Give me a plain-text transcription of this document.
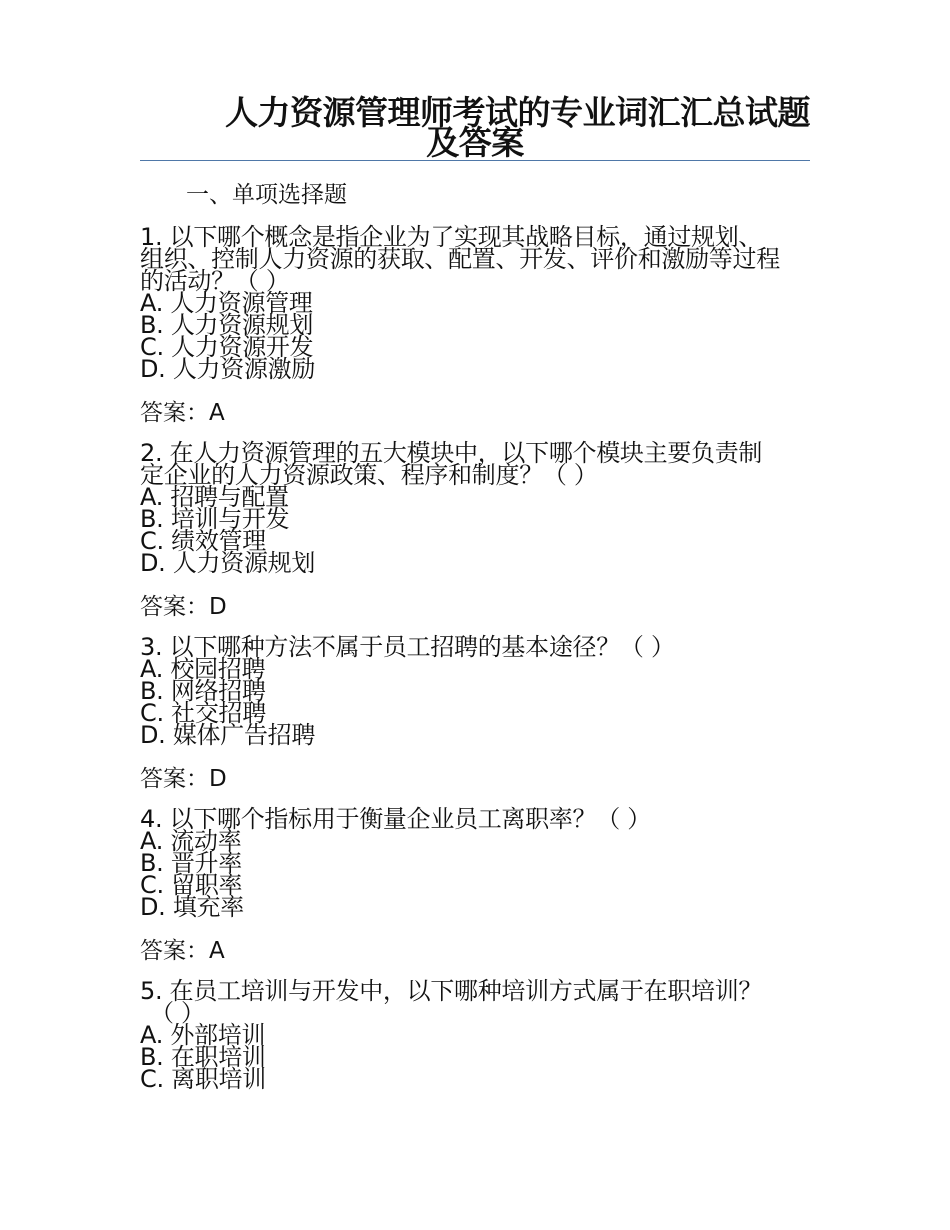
人力资源管理师考试的专业词汇汇总试题
及答案
一、单项选择题
1. 以下哪个概念是指企业为了实现其战略目标，通过规划、
组织、控制人力资源的获取、配置、开发、评价和激励等过程
的活动？（ ）
A. 人力资源管理
B. 人力资源规划
C. 人力资源开发
D. 人力资源激励
答案：A
2. 在人力资源管理的五大模块中，以下哪个模块主要负责制
定企业的人力资源政策、程序和制度？（ ）
A. 招聘与配置
B. 培训与开发
C. 绩效管理
D. 人力资源规划
答案：D
3. 以下哪种方法不属于员工招聘的基本途径？（ ）
A. 校园招聘
B. 网络招聘
C. 社交招聘
D. 媒体广告招聘
答案：D
4. 以下哪个指标用于衡量企业员工离职率？（ ）
A. 流动率
B. 晋升率
C. 留职率
D. 填充率
答案：A
5. 在员工培训与开发中，以下哪种培训方式属于在职培训？
（ ）
A. 外部培训
B. 在职培训
C. 离职培训
